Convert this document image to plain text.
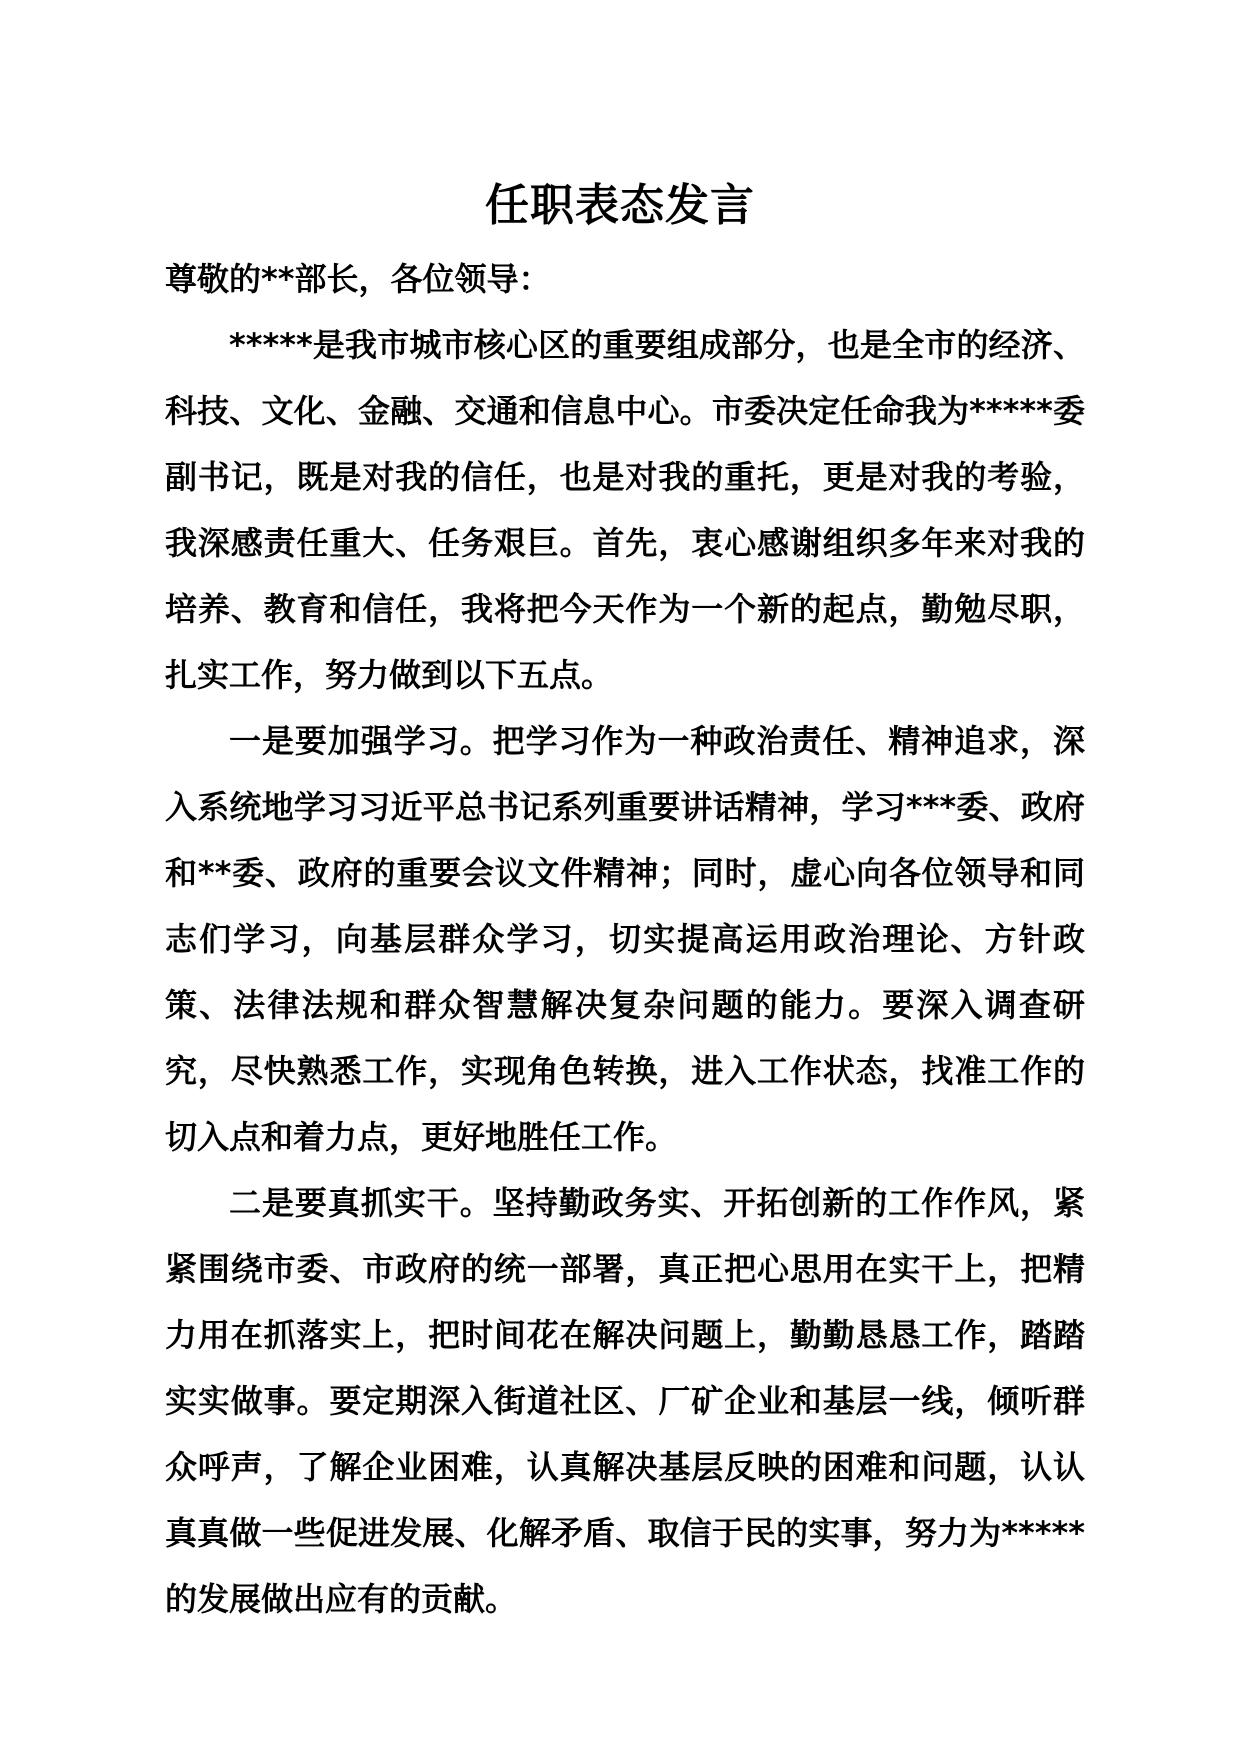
任职表态发言

尊敬的**部长，各位领导：

*****是我市城市核心区的重要组成部分，也是全市的经济、科技、文化、金融、交通和信息中心。市委决定任命我为*****委副书记，既是对我的信任，也是对我的重托，更是对我的考验，我深感责任重大、任务艰巨。首先，衷心感谢组织多年来对我的培养、教育和信任，我将把今天作为一个新的起点，勤勉尽职，扎实工作，努力做到以下五点。

一是要加强学习。把学习作为一种政治责任、精神追求，深入系统地学习习近平总书记系列重要讲话精神，学习***委、政府和**委、政府的重要会议文件精神；同时，虚心向各位领导和同志们学习，向基层群众学习，切实提高运用政治理论、方针政策、法律法规和群众智慧解决复杂问题的能力。要深入调查研究，尽快熟悉工作，实现角色转换，进入工作状态，找准工作的切入点和着力点，更好地胜任工作。

二是要真抓实干。坚持勤政务实、开拓创新的工作作风，紧紧围绕市委、市政府的统一部署，真正把心思用在实干上，把精力用在抓落实上，把时间花在解决问题上，勤勤恳恳工作，踏踏实实做事。要定期深入街道社区、厂矿企业和基层一线，倾听群众呼声，了解企业困难，认真解决基层反映的困难和问题，认认真真做一些促进发展、化解矛盾、取信于民的实事，努力为*****的发展做出应有的贡献。
